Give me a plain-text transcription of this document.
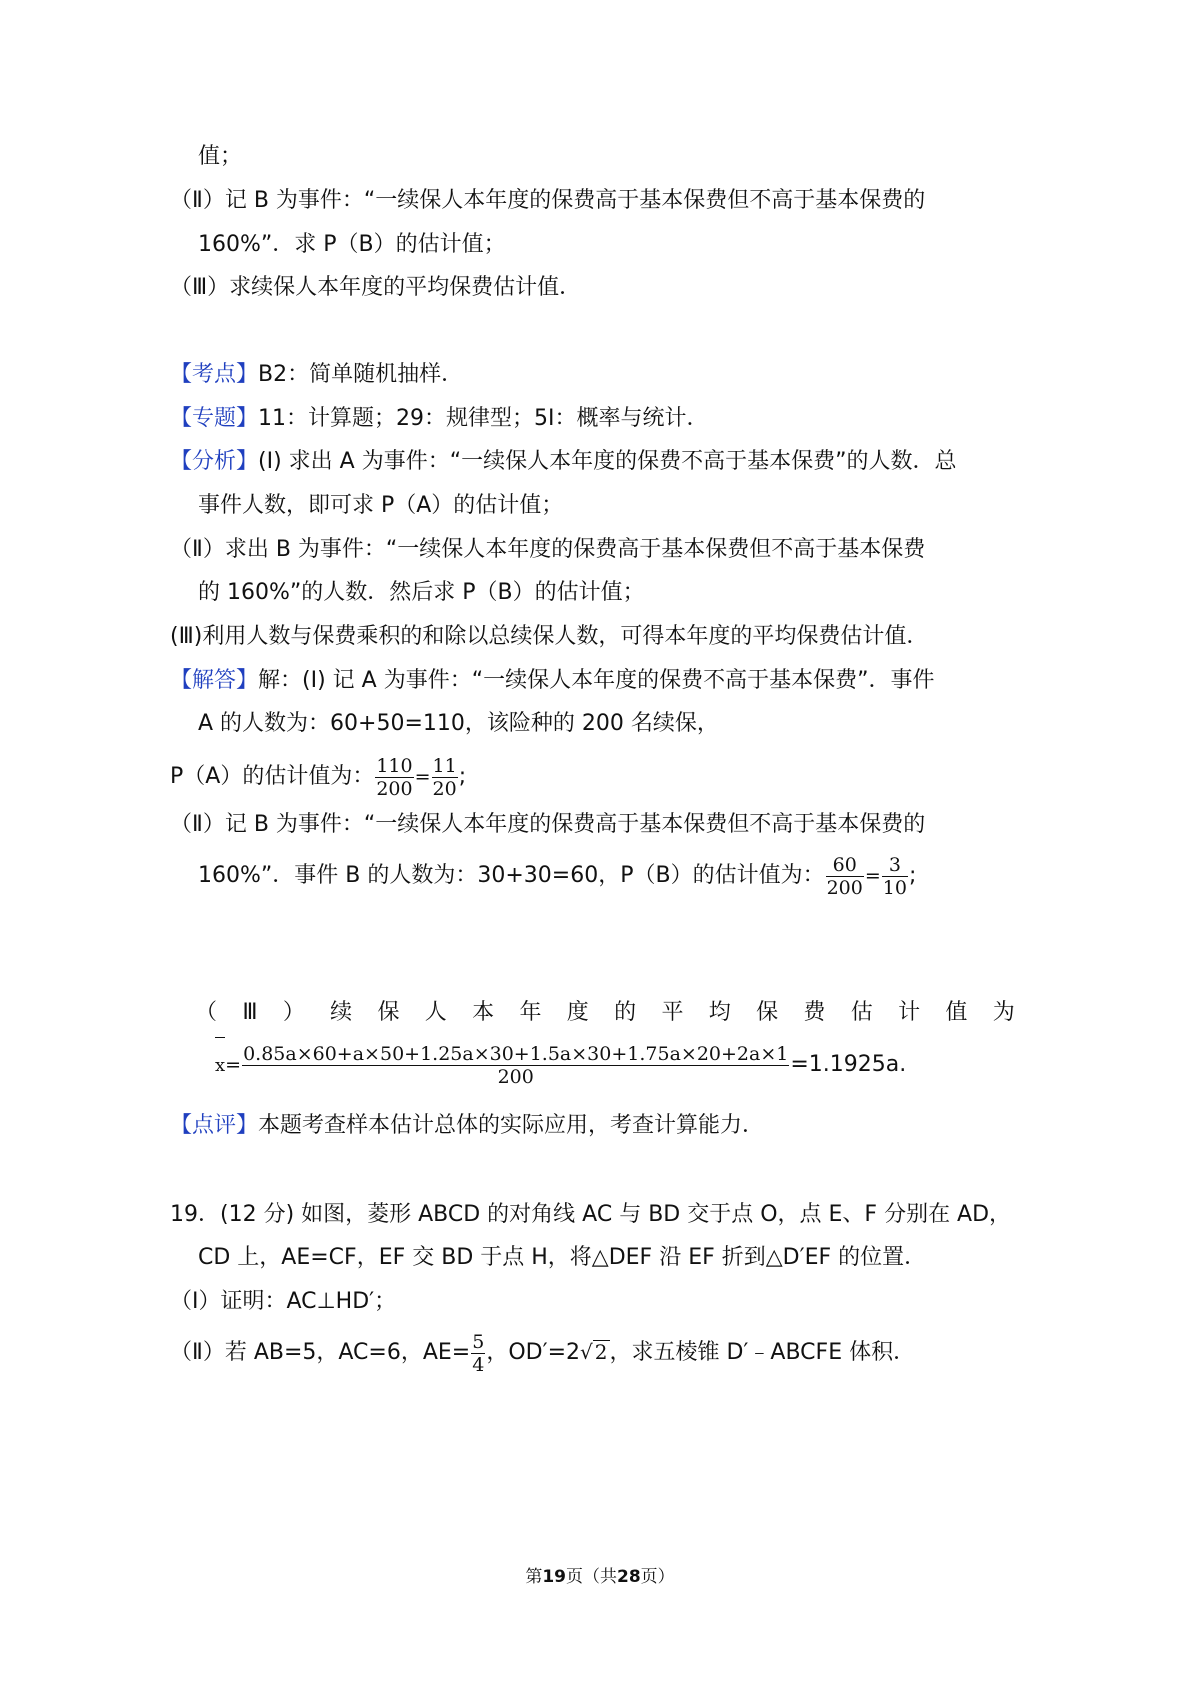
值；
（Ⅱ）记 B 为事件：“一续保人本年度的保费高于基本保费但不高于基本保费的
160%”．求 P（B）的估计值；
（Ⅲ）求续保人本年度的平均保费估计值．
【考点】B2：简单随机抽样．
【专题】11：计算题；29：规律型；5I：概率与统计．
【分析】(Ⅰ) 求出 A 为事件：“一续保人本年度的保费不高于基本保费”的人数．总
事件人数，即可求 P（A）的估计值；
（Ⅱ）求出 B 为事件：“一续保人本年度的保费高于基本保费但不高于基本保费
的 160%”的人数．然后求 P（B）的估计值；
(Ⅲ)利用人数与保费乘积的和除以总续保人数，可得本年度的平均保费估计值．
【解答】解：(Ⅰ) 记 A 为事件：“一续保人本年度的保费不高于基本保费”．事件
A 的人数为：60+50=110，该险种的 200 名续保，
P（A）的估计值为： $\frac{110}{200} = \frac{11}{20}$ ;
（Ⅱ）记 B 为事件：“一续保人本年度的保费高于基本保费但不高于基本保费的
160%”．事件 B 的人数为：30+30=60，P（B）的估计值为： $\frac{60}{200} = \frac{3}{10}$ ;
（ Ⅲ ） 续 保 人 本 年 度 的 平 均 保 费 估 计 值 为
$x= \frac{0.85a\times 60+a\times 50+1.25a\times 30+1.5a\times 30+1.75a\times 20+2a\times 1}{200} =1.1925a$.
【点评】本题考查样本估计总体的实际应用，考查计算能力．
19．(12 分) 如图，菱形 ABCD 的对角线 AC 与 BD 交于点 O，点 E、F 分别在 AD，
CD 上，AE=CF，EF 交 BD 于点 H，将△DEF 沿 EF 折到△D′EF 的位置．
（Ⅰ）证明：AC⊥HD′；
（Ⅱ）若 AB=5，AC=6，$AE= \frac{5}{4}$ ，OD′=2√ 2，求五棱锥 D′﹣ABCFE 体积．
第19页（共28页）
